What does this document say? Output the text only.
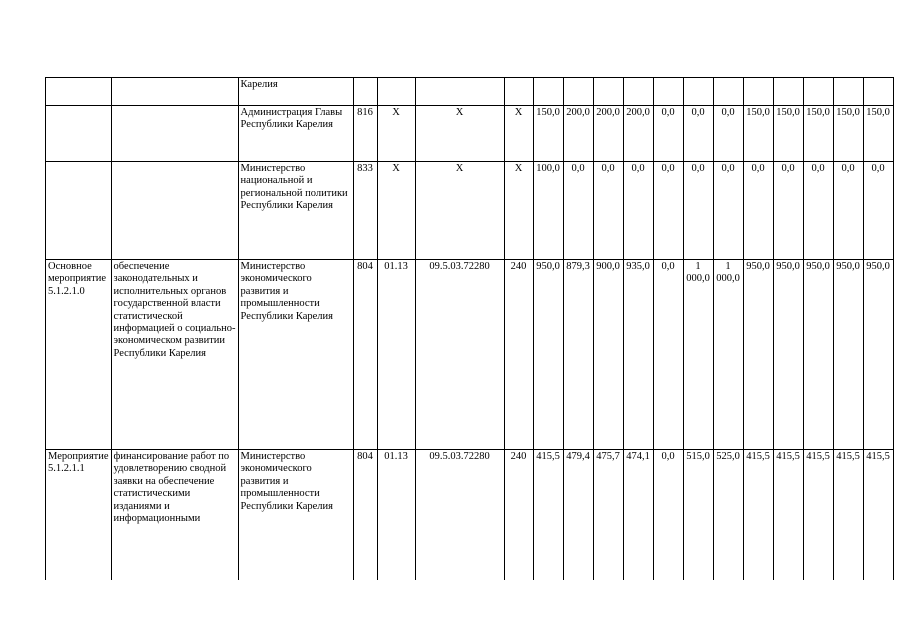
		Карелия																

		Администрация Главы Республики Карелия	816	X	X	X	150,0	200,0	200,0	200,0	0,0	0,0	0,0	150,0	150,0	150,0	150,0	150,0

		Министерство национальной и региональной политики Республики Карелия	833	X	X	X	100,0	0,0	0,0	0,0	0,0	0,0	0,0	0,0	0,0	0,0	0,0	0,0

Основное мероприятие 5.1.2.1.0	обеспечение законодательных и исполнительных органов государственной власти статистической информацией о социально-экономическом развитии Республики Карелия	Министерство экономического развития и промышленности Республики Карелия	804	01.13	09.5.03.72280	240	950,0	879,3	900,0	935,0	0,0	1 000,0	1 000,0	950,0	950,0	950,0	950,0	950,0

Мероприятие 5.1.2.1.1	финансирование работ по удовлетворению сводной заявки на обеспечение статистическими изданиями и информационными	Министерство экономического развития и промышленности Республики Карелия	804	01.13	09.5.03.72280	240	415,5	479,4	475,7	474,1	0,0	515,0	525,0	415,5	415,5	415,5	415,5	415,5
